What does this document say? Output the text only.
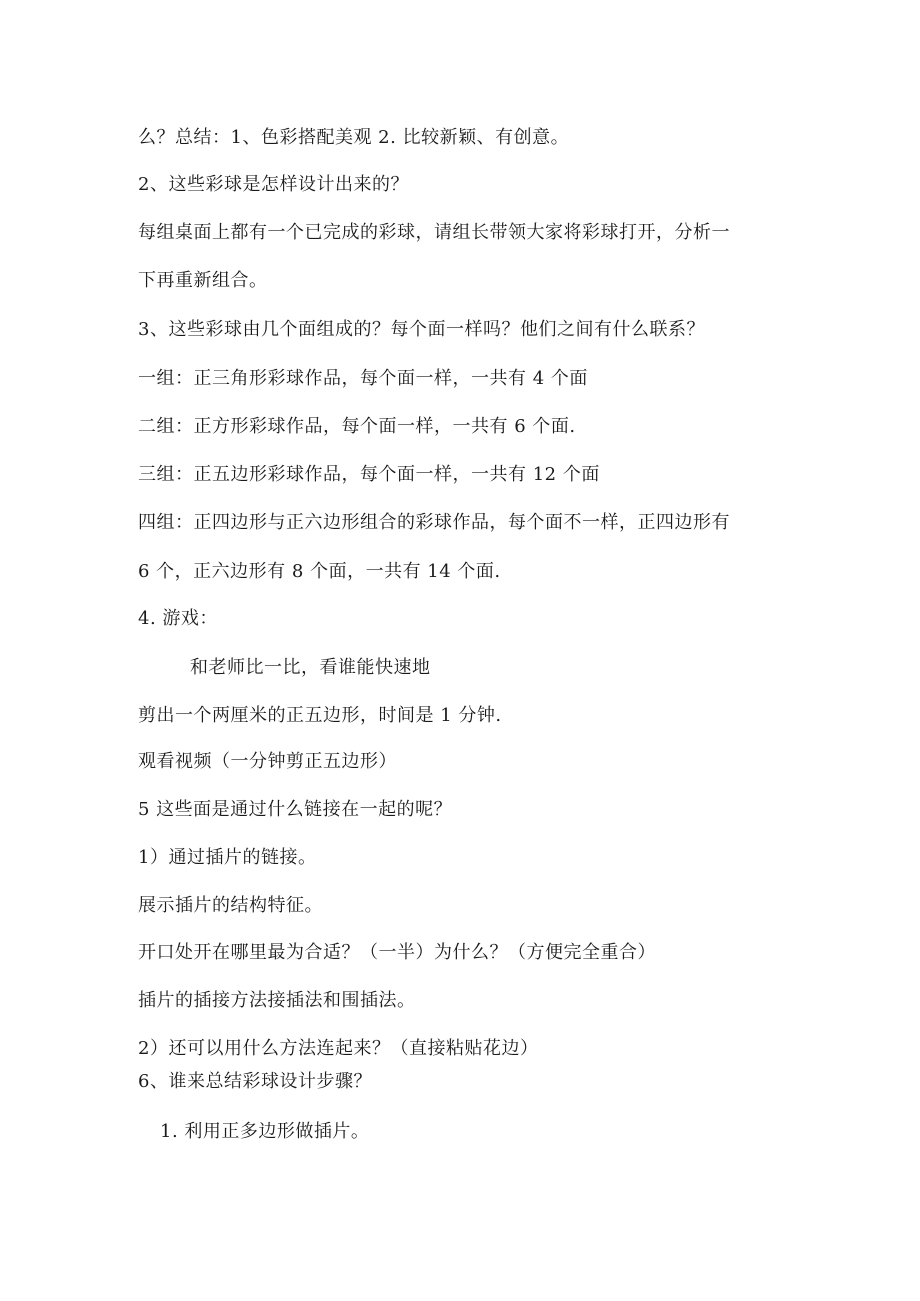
么？总结：1、色彩搭配美观 2. 比较新颖、有创意。
2、这些彩球是怎样设计出来的？
每组桌面上都有一个已完成的彩球，请组长带领大家将彩球打开，分析一
下再重新组合。
3、这些彩球由几个面组成的？每个面一样吗？他们之间有什么联系？
一组：正三角形彩球作品，每个面一样，一共有 4 个面
二组：正方形彩球作品，每个面一样，一共有 6 个面.
三组：正五边形彩球作品，每个面一样，一共有 12 个面
四组：正四边形与正六边形组合的彩球作品，每个面不一样，正四边形有
6 个，正六边形有 8 个面，一共有 14 个面.
4. 游戏：
和老师比一比，看谁能快速地
剪出一个两厘米的正五边形，时间是 1 分钟.
观看视频（一分钟剪正五边形）
5 这些面是通过什么链接在一起的呢？
1）通过插片的链接。
展示插片的结构特征。
开口处开在哪里最为合适？（一半）为什么？（方便完全重合）
插片的插接方法接插法和围插法。
2）还可以用什么方法连起来？（直接粘贴花边）
6、谁来总结彩球设计步骤？
1. 利用正多边形做插片。
